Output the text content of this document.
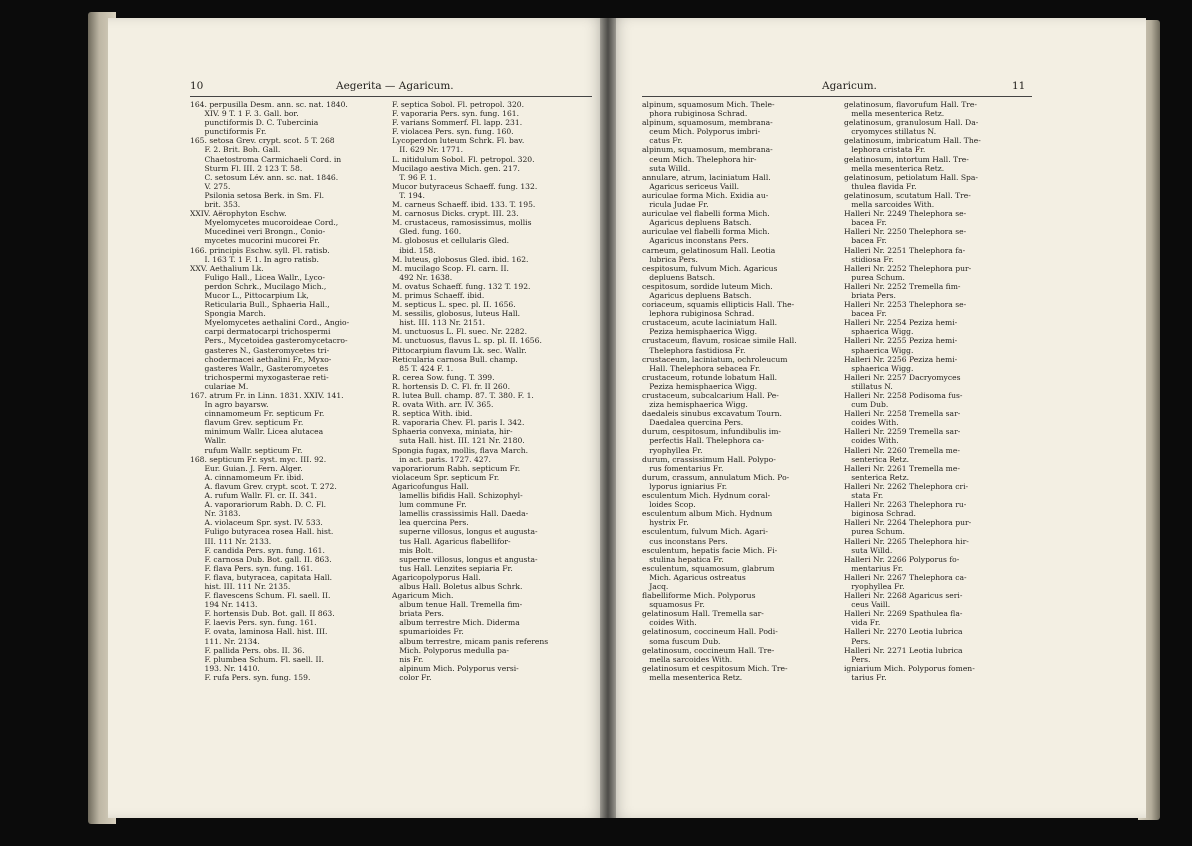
10	Aegerita — Agaricum.
164. perpusilla Desm. ann. sc. nat. 1840.
XIV. 9 T. 1 F. 3. Gall. bor.
punctiformis D. C. Tubercinia
punctiformis Fr.
165. setosa Grev. crypt. scot. 5 T. 268
F. 2. Brit. Boh. Gall.
Chaetostroma Carmichaeli Cord. in
Sturm Fl. III. 2 123 T. 58.
C. setosum Lév. ann. sc. nat. 1846.
V. 275.
Psilonia setosa Berk. in Sm. Fl.
brit. 353.
XXIV. Aërophyton Eschw.
Myelomycetes mucoroideae Cord.,
Mucedinei veri Brongn., Conio-
mycetes mucorini mucorei Fr.
166. principis Eschw. syll. Fl. ratisb.
I. 163 T. 1 F. 1. In agro ratisb.
XXV. Aethalium Lk.
Fuligo Hall., Licea Wallr., Lyco-
perdon Schrk., Mucilago Mich.,
Mucor L., Pittocarpium Lk,
Reticularia Bull., Sphaeria Hall.,
Spongia March.
Myelomycetes aethalini Cord., Angio-
carpi dermatocarpi trichospermi
Pers., Mycetoidea gasteromycetacro-
gasteres N., Gasteromycetes tri-
chodermacei aethalini Fr., Myxo-
gasteres Wallr., Gasteromycetes
trichospermi myxogasterae reti-
culariae M.
167. atrum Fr. in Linn. 1831. XXIV. 141.
In agro bayarsw.
cinnamomeum Fr. septicum Fr.
flavum Grev. septicum Fr.
minimum Wallr. Licea alutacea
Wallr.
rufum Wallr. septicum Fr.
168. septicum Fr. syst. myc. III. 92.
Eur. Guian. J. Fern. Alger.
A. cinnamomeum Fr. ibid.
A. flavum Grev. crypt. scot. T. 272.
A. rufum Wallr. Fl. cr. II. 341.
A. vaporariorum Rabh. D. C. Fl.
Nr. 3183.
A. violaceum Spr. syst. IV. 533.
Fuligo butyracea rosea Hall. hist.
III. 111 Nr. 2133.
F. candida Pers. syn. fung. 161.
F. carnosa Dub. Bot. gall. II. 863.
F. flava Pers. syn. fung. 161.
F. flava, butyracea, capitata Hall.
hist. III. 111 Nr. 2135.
F. flavescens Schum. Fl. saell. II.
194 Nr. 1413.
F. hortensis Dub. Bot. gall. II 863.
F. laevis Pers. syn. fung. 161.
F. ovata, laminosa Hall. hist. III.
111. Nr. 2134.
F. pallida Pers. obs. II. 36.
F. plumbea Schum. Fl. saell. II.
193. Nr. 1410.
F. rufa Pers. syn. fung. 159.
F. septica Sobol. Fl. petropol. 320.
F. vaporaria Pers. syn. fung. 161.
F. varians Sommerf. Fl. lapp. 231.
F. violacea Pers. syn. fung. 160.
Lycoperdon luteum Schrk. Fl. bav.
II. 629 Nr. 1771.
L. nitidulum Sobol. Fl. petropol. 320.
Mucilago aestiva Mich. gen. 217.
T. 96 F. 1.
Mucor butyraceus Schaeff. fung. 132.
T. 194.
M. carneus Schaeff. ibid. 133. T. 195.
M. carnosus Dicks. crypt. III. 23.
M. crustaceus, ramosissimus, mollis
Gled. fung. 160.
M. globosus et cellularis Gled.
ibid. 158.
M. luteus, globosus Gled. ibid. 162.
M. mucilago Scop. Fl. carn. II.
492 Nr. 1638.
M. ovatus Schaeff. fung. 132 T. 192.
M. primus Schaeff. ibid.
M. septicus L. spec. pl. II. 1656.
M. sessilis, globosus, luteus Hall.
hist. III. 113 Nr. 2151.
M. unctuosus L. Fl. suec. Nr. 2282.
M. unctuosus, flavus L. sp. pl. II. 1656.
Pittocarpium flavum Lk. sec. Wallr.
Reticularia carnosa Bull. champ.
85 T. 424 F. 1.
R. cerea Sow. fung. T. 399.
R. hortensis D. C. Fl. fr. II 260.
R. lutea Bull. champ. 87. T. 380. F. 1.
R. ovata With. arr. IV. 365.
R. septica With. ibid.
R. vaporaria Chev. Fl. paris I. 342.
Sphaeria convexa, miniata, hir-
suta Hall. hist. III. 121 Nr. 2180.
Spongia fugax, mollis, flava March.
in act. paris. 1727. 427.
vaporariorum Rabh. septicum Fr.
violaceum Spr. septicum Fr.
Agaricofungus Hall.
lamellis bifidis Hall. Schizophyl-
lum commune Fr.
lamellis crassissimis Hall. Daeda-
lea quercina Pers.
superne villosus, longus et augusta-
tus Hall. Agaricus flabellifor-
mis Bolt.
superne villosus, longus et angusta-
tus Hall. Lenzites sepiaria Fr.
Agaricopolyporus Hall.
albus Hall. Boletus albus Schrk.
Agaricum Mich.
album tenue Hall. Tremella fim-
briata Pers.
album terrestre Mich. Diderma
spumarioides Fr.
album terrestre, micam panis referens
Mich. Polyporus medulla pa-
nis Fr.
alpinum Mich. Polyporus versi-
color Fr.
Agaricum.	11
alpinum, squamosum Mich. Thele-
phora rubiginosa Schrad.
alpinum, squamosum, membrana-
ceum Mich. Polyporus imbri-
catus Fr.
alpinum, squamosum, membrana-
ceum Mich. Thelephora hir-
suta Willd.
annulare, atrum, laciniatum Hall.
Agaricus sericeus Vaill.
auriculae forma Mich. Exidia au-
ricula Judae Fr.
auriculae vel flabelli forma Mich.
Agaricus depluens Batsch.
auriculae vel flabelli forma Mich.
Agaricus inconstans Pers.
carneum, gelatinosum Hall. Leotia
lubrica Pers.
cespitosum, fulvum Mich. Agaricus
depluens Batsch.
cespitosum, sordide luteum Mich.
Agaricus depluens Batsch.
coriaceum, squamis ellipticis Hall. The-
lephora rubiginosa Schrad.
crustaceum, acute laciniatum Hall.
Peziza hemisphaerica Wigg.
crustaceum, flavum, rosicae simile Hall.
Thelephora fastidiosa Fr.
crustaceum, laciniatum, ochroleucum
Hall. Thelephora sebacea Fr.
crustaceum, rotunde lobatum Hall.
Peziza hemisphaerica Wigg.
crustaceum, subcalcarium Hall. Pe-
ziza hemisphaerica Wigg.
daedaleis sinubus excavatum Tourn.
Daedalea quercina Pers.
durum, cespitosum, infundibulis im-
perfectis Hall. Thelephora ca-
ryophyllea Fr.
durum, crassissimum Hall. Polypo-
rus fomentarius Fr.
durum, crassum, annulatum Mich. Po-
lyporus igniarius Fr.
esculentum Mich. Hydnum coral-
loides Scop.
esculentum album Mich. Hydnum
hystrix Fr.
esculentum, fulvum Mich. Agari-
cus inconstans Pers.
esculentum, hepatis facie Mich. Fi-
stulina hepatica Fr.
esculentum, squamosum, glabrum
Mich. Agaricus ostreatus
Jacq.
flabelliforme Mich. Polyporus
squamosus Fr.
gelatinosum Hall. Tremella sar-
coides With.
gelatinosum, coccineum Hall. Podi-
soma fuscum Dub.
gelatinosum, coccineum Hall. Tre-
mella sarcoides With.
gelatinosum et cespitosum Mich. Tre-
mella mesenterica Retz.
gelatinosum, flavorufum Hall. Tre-
mella mesenterica Retz.
gelatinosum, granulosum Hall. Da-
cryomyces stillatus N.
gelatinosum, imbricatum Hall. The-
lephora cristata Fr.
gelatinosum, intortum Hall. Tre-
mella mesenterica Retz.
gelatinosum, petiolatum Hall. Spa-
thulea flavida Fr.
gelatinosum, scutatum Hall. Tre-
mella sarcoides With.
Halleri Nr. 2249 Thelephora se-
bacea Fr.
Halleri Nr. 2250 Thelephora se-
bacea Fr.
Halleri Nr. 2251 Thelephora fa-
stidiosa Fr.
Halleri Nr. 2252 Thelephora pur-
purea Schum.
Halleri Nr. 2252 Tremella fim-
briata Pers.
Halleri Nr. 2253 Thelephora se-
bacea Fr.
Halleri Nr. 2254 Peziza hemi-
sphaerica Wigg.
Halleri Nr. 2255 Peziza hemi-
sphaerica Wigg.
Halleri Nr. 2256 Peziza hemi-
sphaerica Wigg.
Halleri Nr. 2257 Dacryomyces
stillatus N.
Halleri Nr. 2258 Podisoma fus-
cum Dub.
Halleri Nr. 2258 Tremella sar-
coides With.
Halleri Nr. 2259 Tremella sar-
coides With.
Halleri Nr. 2260 Tremella me-
senterica Retz.
Halleri Nr. 2261 Tremella me-
senterica Retz.
Halleri Nr. 2262 Thelephora cri-
stata Fr.
Halleri Nr. 2263 Thelephora ru-
biginosa Schrad.
Halleri Nr. 2264 Thelephora pur-
purea Schum.
Halleri Nr. 2265 Thelephora hir-
suta Willd.
Halleri Nr. 2266 Polyporus fo-
mentarius Fr.
Halleri Nr. 2267 Thelephora ca-
ryophyllea Fr.
Halleri Nr. 2268 Agaricus seri-
ceus Vaill.
Halleri Nr. 2269 Spathulea fla-
vida Fr.
Halleri Nr. 2270 Leotia lubrica
Pers.
Halleri Nr. 2271 Leotia lubrica
Pers.
igniarium Mich. Polyporus fomen-
tarius Fr.
